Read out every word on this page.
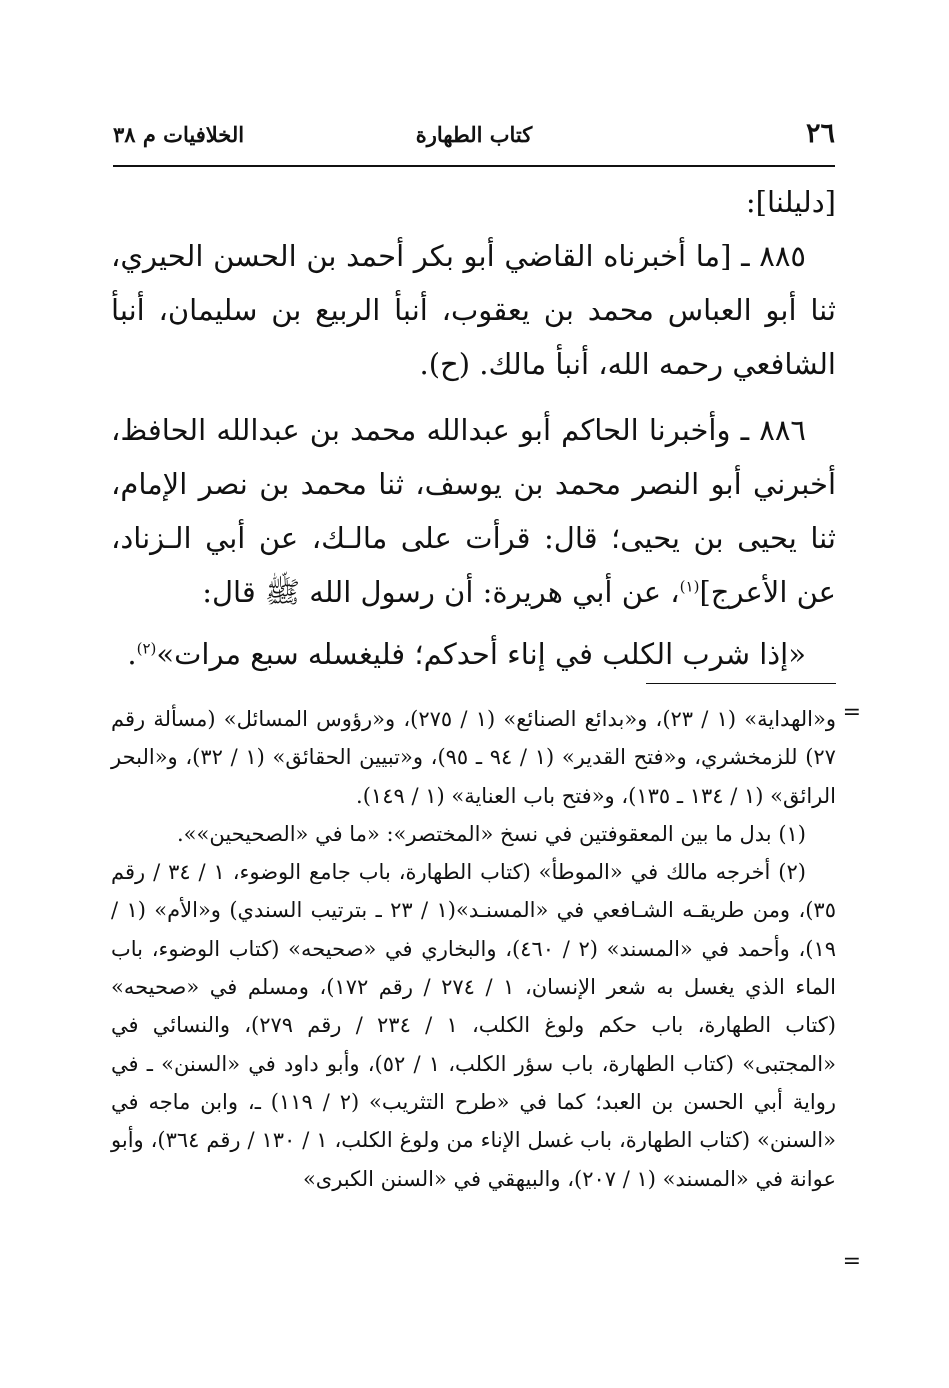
٢٦
كتاب الطهارة
الخلافيات م ٣٨

[دليلنا]:

٨٨٥ ـ [ما أخبرناه القاضي أبو بكر أحمد بن الحسن الحيري، ثنا أبو العباس محمد بن يعقوب، أنبأ الربيع بن سليمان، أنبأ الشافعي رحمه الله، أنبأ مالك. (ح).

٨٨٦ ـ وأخبرنا الحاكم أبو عبدالله محمد بن عبدالله الحافظ، أخبرني أبو النصر محمد بن يوسف، ثنا محمد بن نصر الإمام، ثنا يحيى بن يحيى؛ قال: قرأت على مالـك، عن أبي الـزناد، عن الأعرج]$^{(١)}$، عن أبي هريرة: أن رسول الله ﷺ قال:

«إذا شرب الكلب في إناء أحدكم؛ فليغسله سبع مرات»$^{(٢)}$.

=

و«الهداية» (١ / ٢٣)، و«بدائع الصنائع» (١ / ٢٧٥)، و«رؤوس المسائل» (مسألة رقم ٢٧) للزمخشري، و«فتح القدير» (١ / ٩٤ ـ ٩٥)، و«تبيين الحقائق» (١ / ٣٢)، و«البحر الرائق» (١ / ١٣٤ ـ ١٣٥)، و«فتح باب العناية» (١ / ١٤٩).

(١) بدل ما بين المعقوفتين في نسخ «المختصر»: «ما في «الصحيحين»».

(٢) أخرجه مالك في «الموطأ» (كتاب الطهارة، باب جامع الوضوء، ١ / ٣٤ / رقم ٣٥)، ومن طريقـه الشـافعي في «المسنـد»(١ / ٢٣ ـ بترتيب السندي) و«الأم» (١ / ١٩)، وأحمد في «المسند» (٢ / ٤٦٠)، والبخاري في «صحيحه» (كتاب الوضوء، باب الماء الذي يغسل به شعر الإنسان، ١ / ٢٧٤ / رقم ١٧٢)، ومسلم في «صحيحه» (كتاب الطهارة، باب حكم ولوغ الكلب، ١ / ٢٣٤ / رقم ٢٧٩)، والنسائي في «المجتبى» (كتاب الطهارة، باب سؤر الكلب، ١ / ٥٢)، وأبو داود في «السنن» ـ في رواية أبي الحسن بن العبد؛ كما في «طرح التثريب» (٢ / ١١٩) ـ، وابن ماجه في «السنن» (كتاب الطهارة، باب غسل الإناء من ولوغ الكلب، ١ / ١٣٠ / رقم ٣٦٤)، وأبو عوانة في «المسند» (١ / ٢٠٧)، والبيهقي في «السنن الكبرى»

=
